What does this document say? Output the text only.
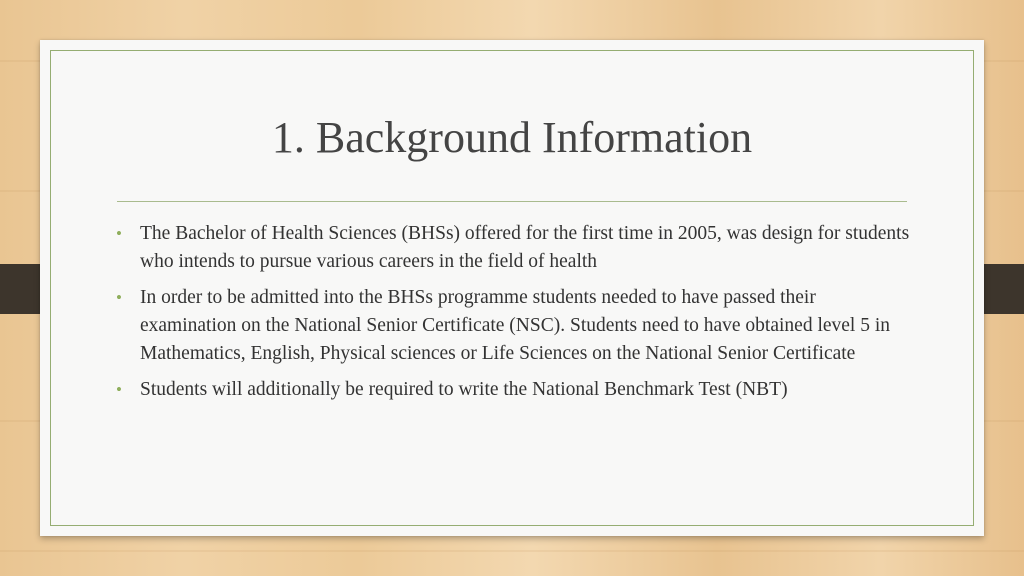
1. Background Information
• The Bachelor of Health Sciences (BHSs) offered for the first time in 2005, was design for students who intends to pursue various careers in the field of health
• In order to be admitted into the BHSs programme students needed to have passed their examination on the National Senior Certificate (NSC). Students need to have obtained level 5 in Mathematics, English, Physical sciences or Life Sciences on the National Senior Certificate
• Students will additionally be required to write the National Benchmark Test (NBT)
